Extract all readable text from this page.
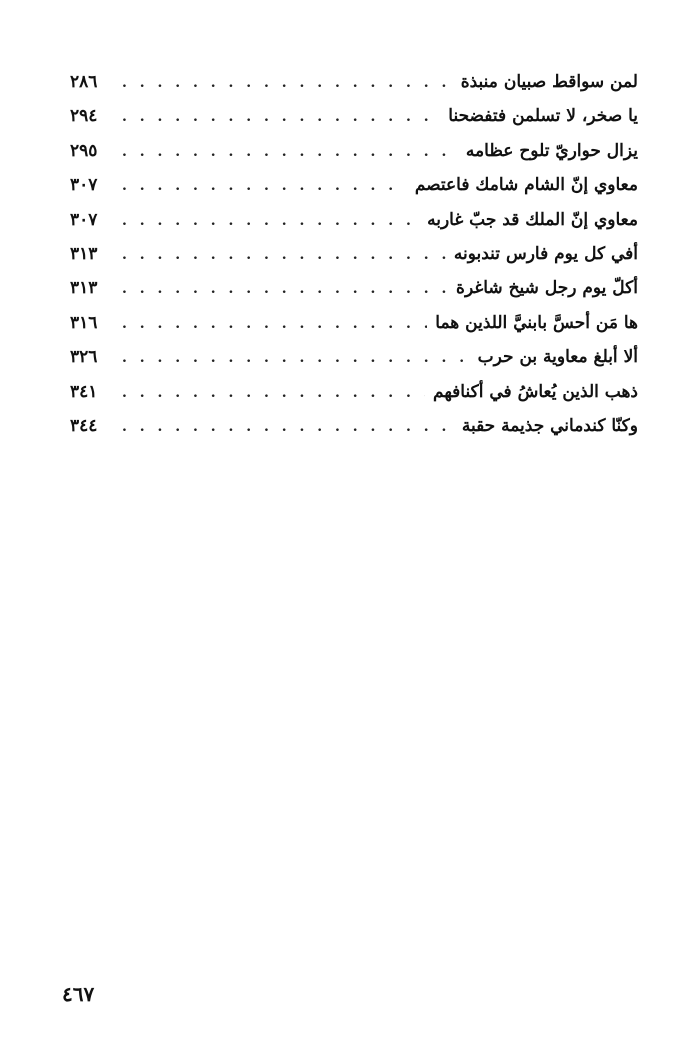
لمن سواقط صبيان منبذة
. . .
٢٨٦
يا صخر، لا تسلمن فتفضحنا
. . .
٢٩٤
يزال حواريّ تلوح عظامه
. . .
٢٩٥
معاوي إنّ الشام شامك فاعتصم
. . .
٣٠٧
معاوي إنّ الملك قد جبّ غاربه
. . .
٣٠٧
أفي كل يوم فارس تندبونه
. . .
٣١٣
أكلّ يوم رجل شيخ شاغرة
. . .
٣١٣
ها مَن أحسَّ بابنيَّ اللذين هما
. . .
٣١٦
ألا أبلغ معاوية بن حرب
. . .
٣٢٦
ذهب الذين يُعاشُ في أكنافهم
. . .
٣٤١
وكنّا كندماني جذيمة حقبة
. . .
٣٤٤
٤٦٧
